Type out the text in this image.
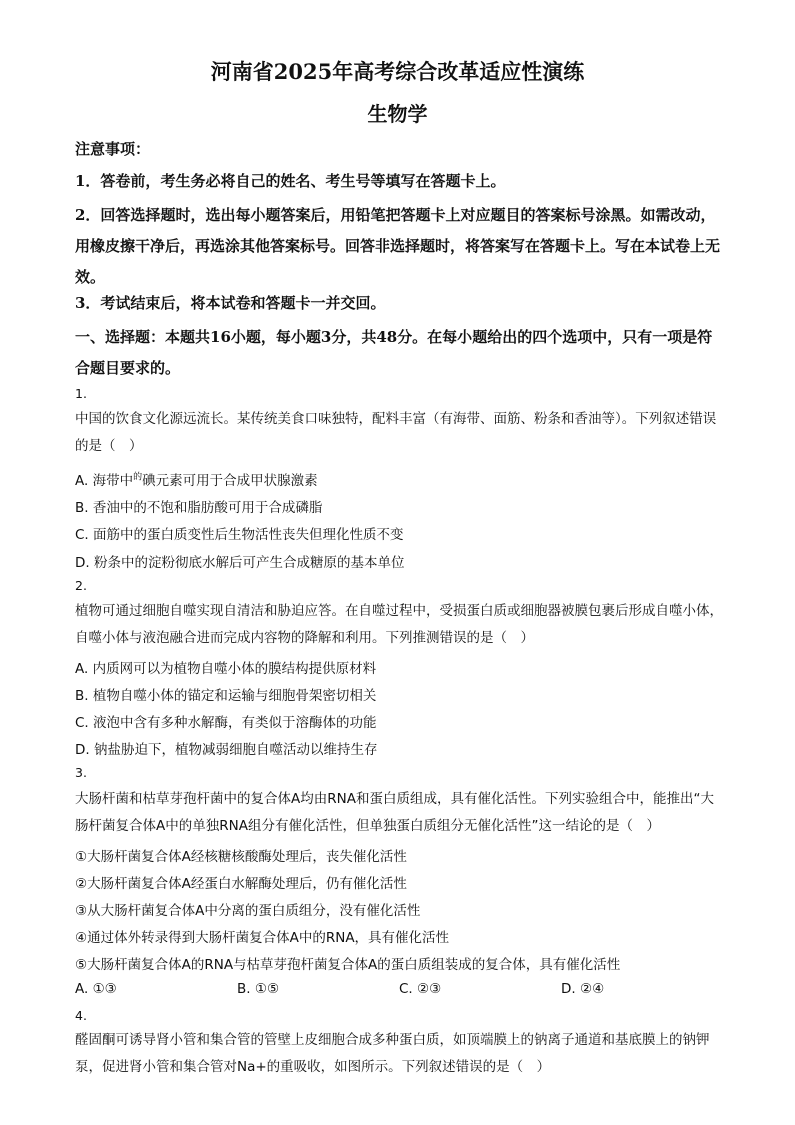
河南省2025年高考综合改革适应性演练
生物学
注意事项：
1．答卷前，考生务必将自己的姓名、考生号等填写在答题卡上。
2．回答选择题时，选出每小题答案后，用铅笔把答题卡上对应题目的答案标号涂黑。如需改动，用橡皮擦干净后，再选涂其他答案标号。回答非选择题时，将答案写在答题卡上。写在本试卷上无效。
3．考试结束后，将本试卷和答题卡一并交回。
一、选择题：本题共16小题，每小题3分，共48分。在每小题给出的四个选项中，只有一项是符合题目要求的。
1.
中国的饮食文化源远流长。某传统美食口味独特，配料丰富（有海带、面筋、粉条和香油等）。下列叙述错误的是（　）
A. 海带中$^的$碘元素可用于合成甲状腺激素
B. 香油中的不饱和脂肪酸可用于合成磷脂
C. 面筋中的蛋白质变性后生物活性丧失但理化性质不变
D. 粉条中的淀粉彻底水解后可产生合成糖原的基本单位
2.
植物可通过细胞自噬实现自清洁和胁迫应答。在自噬过程中，受损蛋白质或细胞器被膜包裹后形成自噬小体，自噬小体与液泡融合进而完成内容物的降解和利用。下列推测错误的是（　）
A. 内质网可以为植物自噬小体的膜结构提供原材料
B. 植物自噬小体的锚定和运输与细胞骨架密切相关
C. 液泡中含有多种水解酶，有类似于溶酶体的功能
D. 钠盐胁迫下，植物减弱细胞自噬活动以维持生存
3.
大肠杆菌和枯草芽孢杆菌中的复合体A均由RNA和蛋白质组成，具有催化活性。下列实验组合中，能推出“大肠杆菌复合体A中的单独RNA组分有催化活性，但单独蛋白质组分无催化活性”这一结论的是（　）
①大肠杆菌复合体A经核糖核酸酶处理后，丧失催化活性
②大肠杆菌复合体A经蛋白水解酶处理后，仍有催化活性
③从大肠杆菌复合体A中分离的蛋白质组分，没有催化活性
④通过体外转录得到大肠杆菌复合体A中的RNA，具有催化活性
⑤大肠杆菌复合体A的RNA与枯草芽孢杆菌复合体A的蛋白质组装成的复合体，具有催化活性
A. ①③	B. ①⑤	C. ②③	D. ②④
4.
醛固酮可诱导肾小管和集合管的管壁上皮细胞合成多种蛋白质，如顶端膜上的钠离子通道和基底膜上的钠钾泵，促进肾小管和集合管对Na+的重吸收，如图所示。下列叙述错误的是（　）
